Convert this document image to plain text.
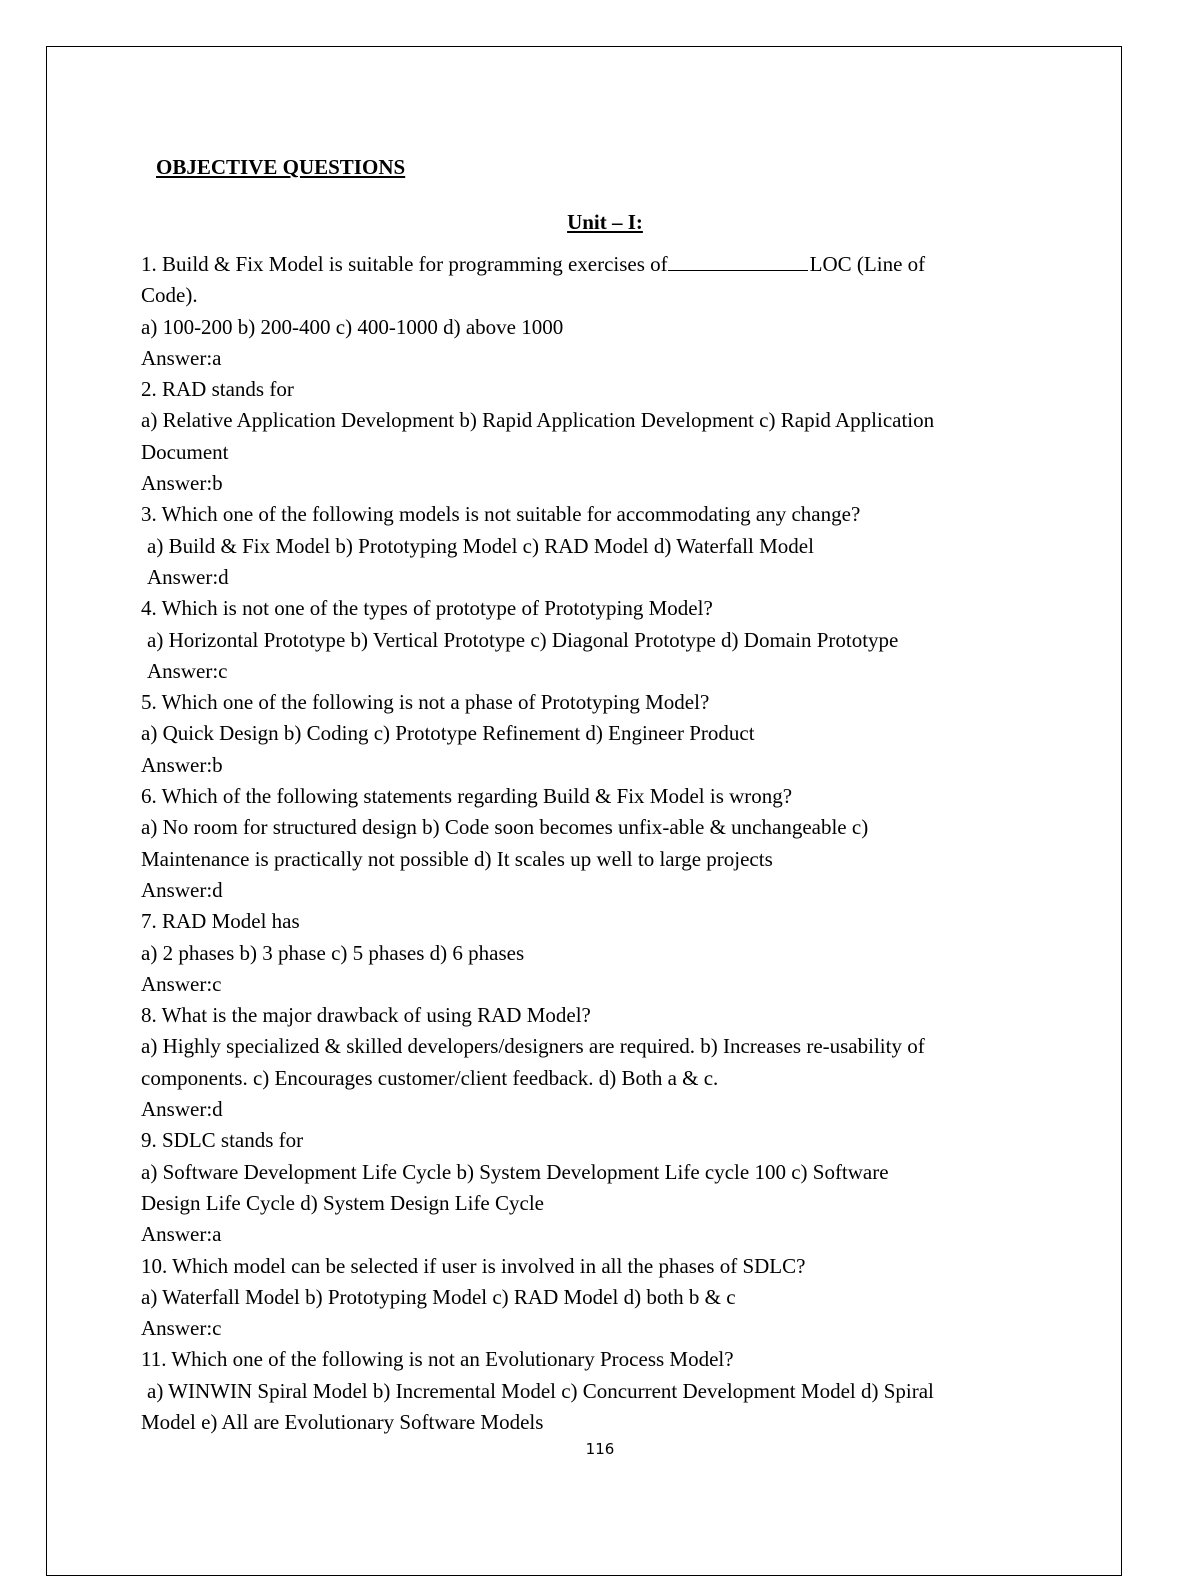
OBJECTIVE QUESTIONS
Unit – I:
1. Build & Fix Model is suitable for programming exercises of	LOC (Line of
Code).
a) 100-200 b) 200-400 c) 400-1000 d) above 1000
Answer:a
2. RAD stands for
a) Relative Application Development b) Rapid Application Development c) Rapid Application
Document
Answer:b
3. Which one of the following models is not suitable for accommodating any change?
a) Build & Fix Model b) Prototyping Model c) RAD Model d) Waterfall Model
Answer:d
4. Which is not one of the types of prototype of Prototyping Model?
a) Horizontal Prototype b) Vertical Prototype c) Diagonal Prototype d) Domain Prototype
Answer:c
5. Which one of the following is not a phase of Prototyping Model?
a) Quick Design b) Coding c) Prototype Refinement d) Engineer Product
Answer:b
6. Which of the following statements regarding Build & Fix Model is wrong?
a) No room for structured design b) Code soon becomes unfix-able & unchangeable c)
Maintenance is practically not possible d) It scales up well to large projects
Answer:d
7. RAD Model has
a) 2 phases b) 3 phase c) 5 phases d) 6 phases
Answer:c
8. What is the major drawback of using RAD Model?
a) Highly specialized & skilled developers/designers are required. b) Increases re-usability of
components. c) Encourages customer/client feedback. d) Both a & c.
Answer:d
9. SDLC stands for
a) Software Development Life Cycle b) System Development Life cycle 100 c) Software
Design Life Cycle d) System Design Life Cycle
Answer:a
10. Which model can be selected if user is involved in all the phases of SDLC?
a) Waterfall Model b) Prototyping Model c) RAD Model d) both b & c
Answer:c
11. Which one of the following is not an Evolutionary Process Model?
a) WINWIN Spiral Model b) Incremental Model c) Concurrent Development Model d) Spiral
Model e) All are Evolutionary Software Models
116
